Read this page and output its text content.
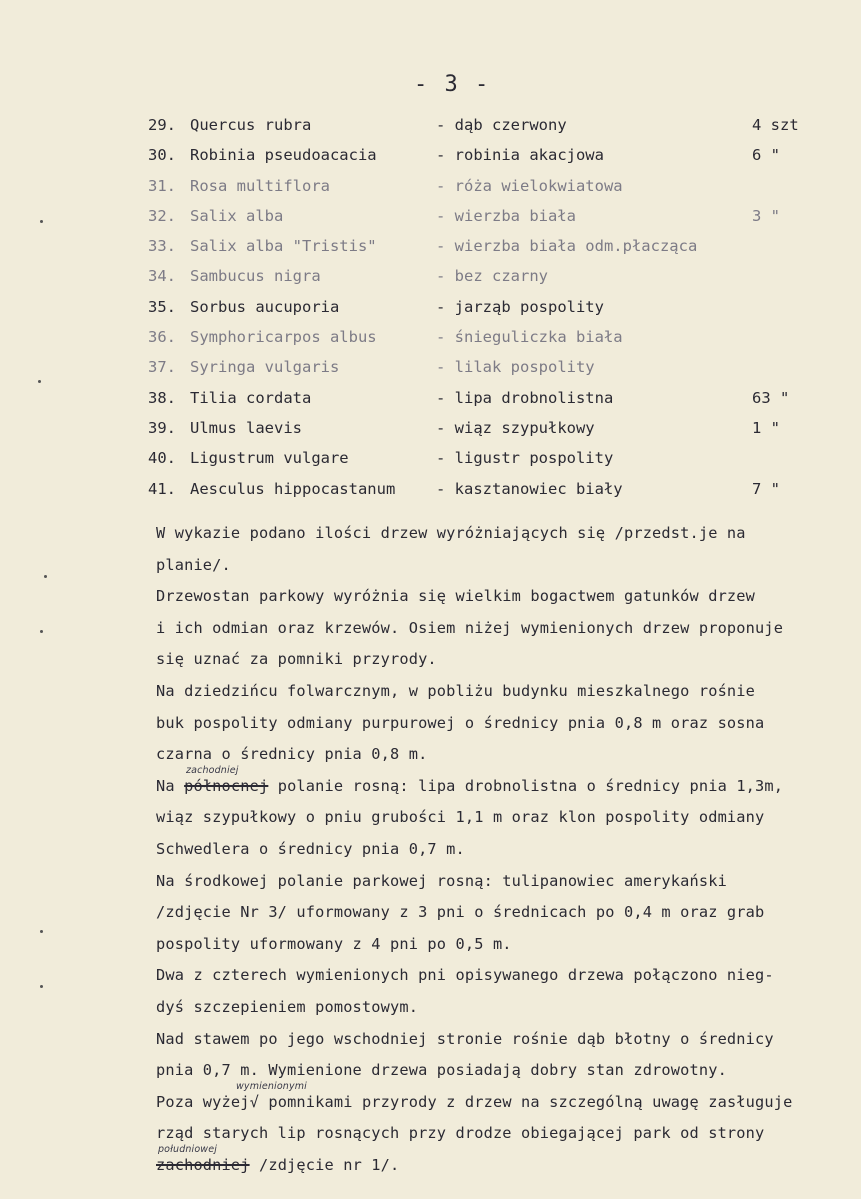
- 3 -
29. Quercus rubra	- dąb czerwony	4 szt
30. Robinia pseudoacacia	- robinia akacjowa	6 "
31. Rosa multiflora	- róża wielokwiatowa
32. Salix alba	- wierzba biała	3 "
33. Salix alba "Tristis"	- wierzba biała odm.płacząca
34. Sambucus nigra	- bez czarny
35. Sorbus aucuporia	- jarząb pospolity
36. Symphoricarpos albus	- śnieguliczka biała
37. Syringa vulgaris	- lilak pospolity
38. Tilia cordata	- lipa drobnolistna	63 "
39. Ulmus laevis	- wiąz szypułkowy	1 "
40. Ligustrum vulgare	- ligustr pospolity
41. Aesculus hippocastanum	- kasztanowiec biały	7 "
W wykazie podano ilości drzew wyróżniających się /przedst.je na
planie/.
Drzewostan parkowy wyróżnia się wielkim bogactwem gatunków drzew
i ich odmian oraz krzewów. Osiem niżej wymienionych drzew proponuje
się uznać za pomniki przyrody.
Na dziedzińcu folwarcznym, w pobliżu budynku mieszkalnego rośnie
buk pospolity odmiany purpurowej o średnicy pnia 0,8 m oraz sosna
czarna o średnicy pnia 0,8 m.
Na północnej polanie rosną: lipa drobnolistna o średnicy pnia 1,3m,
zachodniej
wiąz szypułkowy o pniu grubości 1,1 m oraz klon pospolity odmiany
Schwedlera o średnicy pnia 0,7 m.
Na środkowej polanie parkowej rosną: tulipanowiec amerykański
/zdjęcie Nr 3/ uformowany z 3 pni o średnicach po 0,4 m oraz grab
pospolity uformowany z 4 pni po 0,5 m.
Dwa z czterech wymienionych pni opisywanego drzewa połączono nieg-
dyś szczepieniem pomostowym.
Nad stawem po jego wschodniej stronie rośnie dąb błotny o średnicy
pnia 0,7 m. Wymienione drzewa posiadają dobry stan zdrowotny.
Poza wyżej√ pomnikami przyrody z drzew na szczególną uwagę zasługuje
wymienionymi
rząd starych lip rosnących przy drodze obiegającej park od strony
zachodniej /zdjęcie nr 1/.
południowej
